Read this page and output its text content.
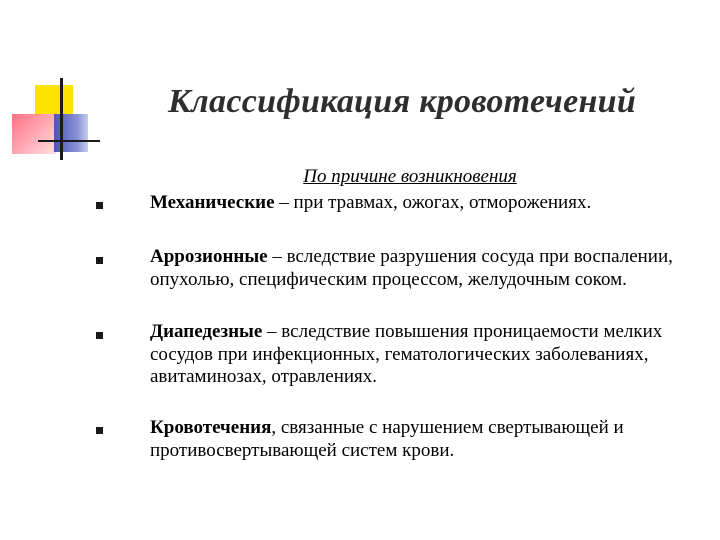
Классификация кровотечений
По причине возникновения
Механические – при травмах, ожогах, отморожениях.
Аррозионные – вследствие разрушения сосуда при воспалении, опухолью, специфическим процессом, желудочным соком.
Диапедезные – вследствие повышения проницаемости мелких сосудов при инфекционных, гематологических заболеваниях, авитаминозах, отравлениях.
Кровотечения, связанные с нарушением свертывающей и противосвертывающей систем крови.
